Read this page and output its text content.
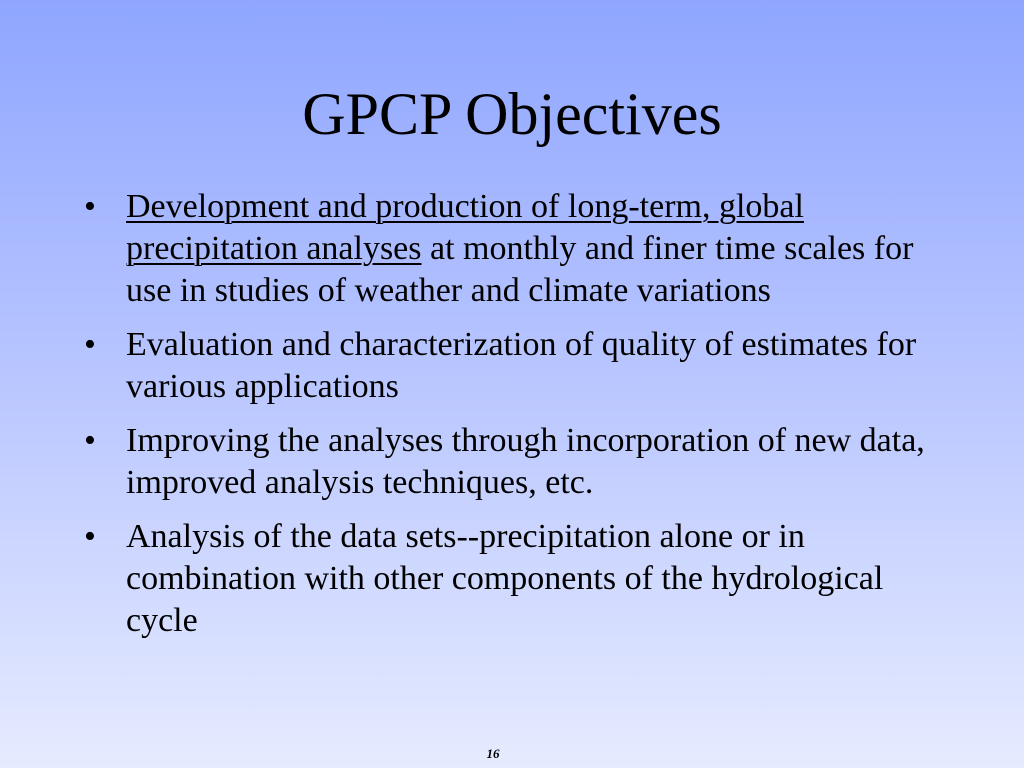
GPCP Objectives
• Development and production of long-term, global precipitation analyses at monthly and finer time scales for use in studies of weather and climate variations
• Evaluation and characterization of quality of estimates for various applications
• Improving the analyses through incorporation of new data, improved analysis techniques, etc.
• Analysis of the data sets--precipitation alone or in combination with other components of the hydrological cycle
16
